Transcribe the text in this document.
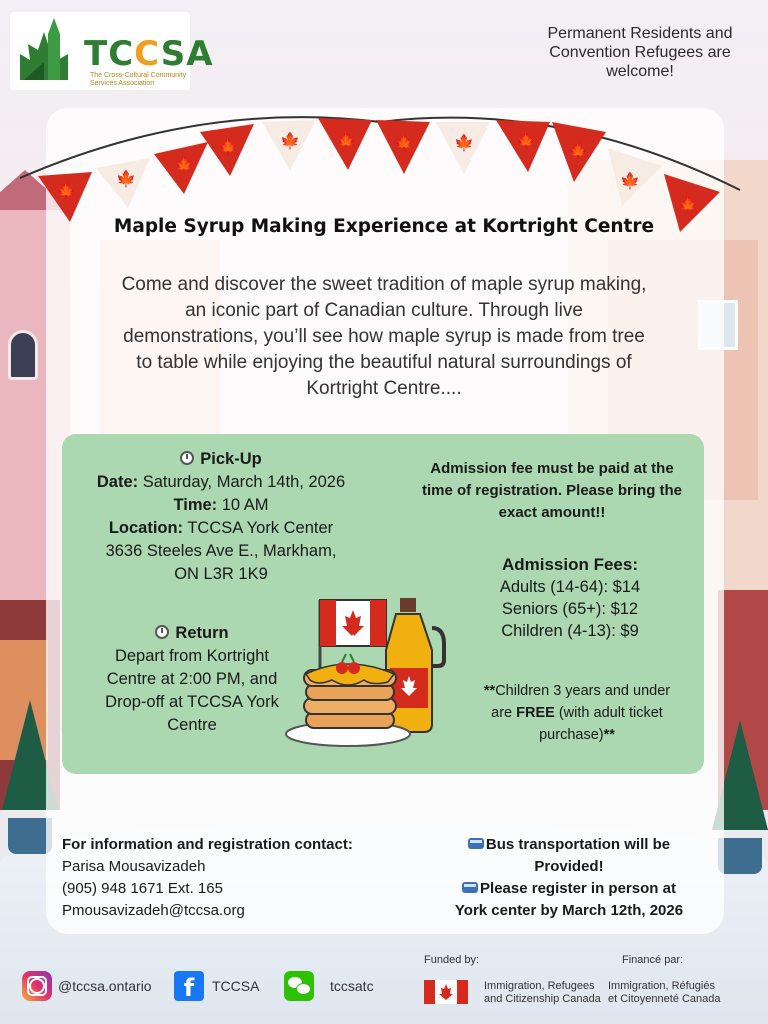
TCCSA
The Cross-Cultural Community Services Association
Permanent Residents and
Convention Refugees are
welcome!
🍁
🍁
🍁
🍁	🍁 🍁 🍁	🍁	🍁
🍁
🍁
🍁
Maple Syrup Making Experience at Kortright Centre
Come and discover the sweet tradition of maple syrup making,
an iconic part of Canadian culture. Through live
demonstrations, you’ll see how maple syrup is made from tree
to table while enjoying the beautiful natural surroundings of
Kortright Centre....
Pick-Up
Date: Saturday, March 14th, 2026
Time: 10 AM
Location: TCCSA York Center
3636 Steeles Ave E., Markham,
ON L3R 1K9
Return
Depart from Kortright
Centre at 2:00 PM, and
Drop-off at TCCSA York
Centre
Admission fee must be paid at the
time of registration. Please bring the
exact amount!!
Admission Fees:
Adults (14-64): $14
Seniors (65+): $12
Children (4-13): $9
**Children 3 years and under
are FREE (with adult ticket
purchase)**
For information and registration contact:
Parisa Mousavizadeh
(905) 948 1671 Ext. 165
Pmousavizadeh@tccsa.org
Bus transportation will be
Provided!
Please register in person at
York center by March 12th, 2026
@tccsa.ontario	f	TCCSA	tccsatc
Funded by:	Financé par:
Immigration, Refugees
and Citizenship Canada
Immigration, Réfugiés
et Citoyenneté Canada
